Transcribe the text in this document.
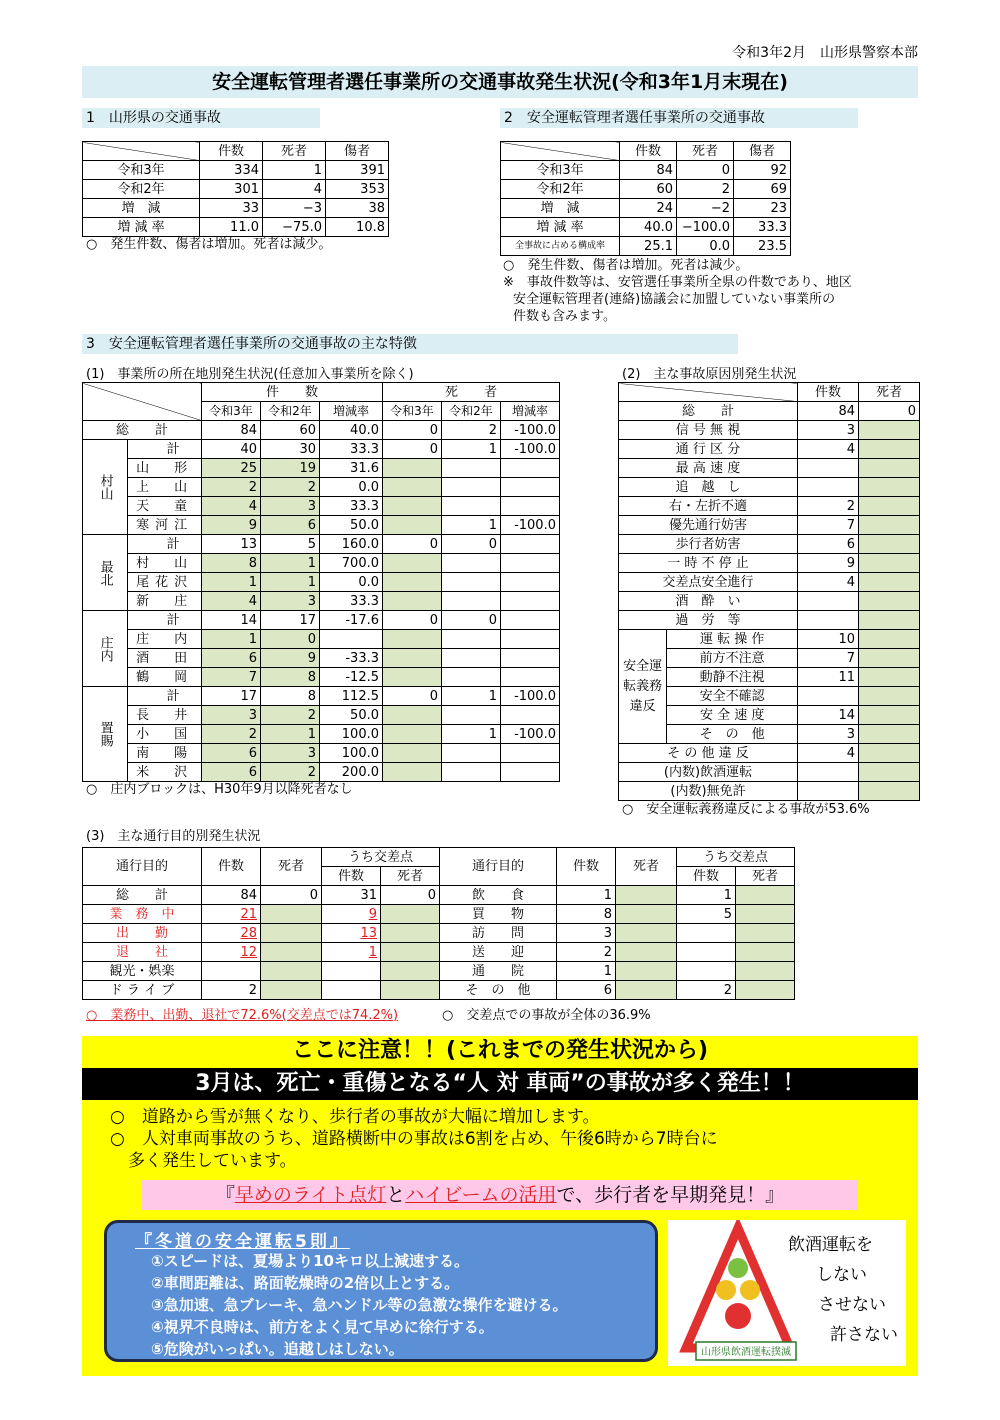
令和3年2月　山形県警察本部
安全運転管理者選任事業所の交通事故発生状況(令和3年1月末現在)
1　山形県の交通事故
	件数	死者	傷者
令和3年	334	1	391
令和2年	301	4	353
増　減	33	−3	38
増 減 率	11.0	−75.0	10.8
○　発生件数、傷者は増加。死者は減少。
2　安全運転管理者選任事業所の交通事故
	件数	死者	傷者
令和3年	84	0	92
令和2年	60	2	69
増　減	24	−2	23
増 減 率	40.0	−100.0	33.3
全事故に占める構成率	25.1	0.0	23.5
○　発生件数、傷者は増加。死者は減少。
※　事故件数等は、安管選任事業所全県の件数であり、地区
安全運転管理者(連絡)協議会に加盟していない事業所の
件数も含みます。
3　安全運転管理者選任事業所の交通事故の主な特徴
(1)　事業所の所在地別発生状況(任意加入事業所を除く)
		件　　数			死　　者		
		令和3年	令和2年	増減率	令和3年	令和2年	増減率
総　　計		84	60	40.0	0	2	-100.0
村山	計	40	30	33.3	0	1	-100.0
	山　形	25	19	31.6			
	上　山	2	2	0.0			
	天　童	4	3	33.3			
	寒河江	9	6	50.0		1	-100.0
最北	計	13	5	160.0	0	0	
	村　山	8	1	700.0			
	尾花沢	1	1	0.0			
	新　庄	4	3	33.3			
庄内	計	14	17	-17.6	0	0	
	庄　内	1	0				
	酒　田	6	9	-33.3			
	鶴　岡	7	8	-12.5			
置賜	計	17	8	112.5	0	1	-100.0
	長　井	3	2	50.0			
	小　国	2	1	100.0		1	-100.0
	南　陽	6	3	100.0			
	米　沢	6	2	200.0			
○　庄内ブロックは、H30年9月以降死者なし
(2)　主な事故原因別発生状況
		件数	死者
総　　計		84	0
信 号 無 視		3	
通 行 区 分		4	
最 高 速 度			
追　越　し			
右・左折不適		2	
優先通行妨害		7	
歩行者妨害		6	
一 時 不 停 止		9	
交差点安全進行		4	
酒　酔　い			
過　労　等			
安全運転義務違反	運 転 操 作	10	
	前方不注意	7	
	動静不注視	11	
	安全不確認		
	安 全 速 度	14	
	そ　の　他	3	
そ の 他 違 反		4	
(内数)飲酒運転			
(内数)無免許			
○　安全運転義務違反による事故が53.6%
(3)　主な通行目的別発生状況
通行目的	件数	死者	うち交差点		通行目的	件数	死者	うち交差点	
			件数	死者				件数	死者
総　　計	84	0	31	0	飲　　食	1		1	
業　務　中	21		9		買　　物	8		5	
出　　勤	28		13		訪　　問	3			
退　　社	12		1		送　　迎	2			
観光・娯楽					通　　院	1			
ド ラ イ ブ	2				そ　の　他	6		2	
○　業務中、出勤、退社で72.6%(交差点では74.2%)	○　交差点での事故が全体の36.9%
ここに注意！！(これまでの発生状況から)
3月は、死亡・重傷となる“人 対 車両”の事故が多く発生！！
○　道路から雪が無くなり、歩行者の事故が大幅に増加します。
○　人対車両事故のうち、道路横断中の事故は6割を占め、午後6時から7時台に
多く発生しています。
『早めのライト点灯とハイビームの活用で、歩行者を早期発見！』
『冬道の安全運転5則』
①スピードは、夏場より10キロ以上減速する。
②車間距離は、路面乾燥時の2倍以上とする。
③急加速、急ブレーキ、急ハンドル等の急激な操作を避ける。
④視界不良時は、前方をよく見て早めに徐行する。
⑤危険がいっぱい。追越しはしない。	山形県飲酒運転撲滅
飲酒運転を
しない
させない
許さない
